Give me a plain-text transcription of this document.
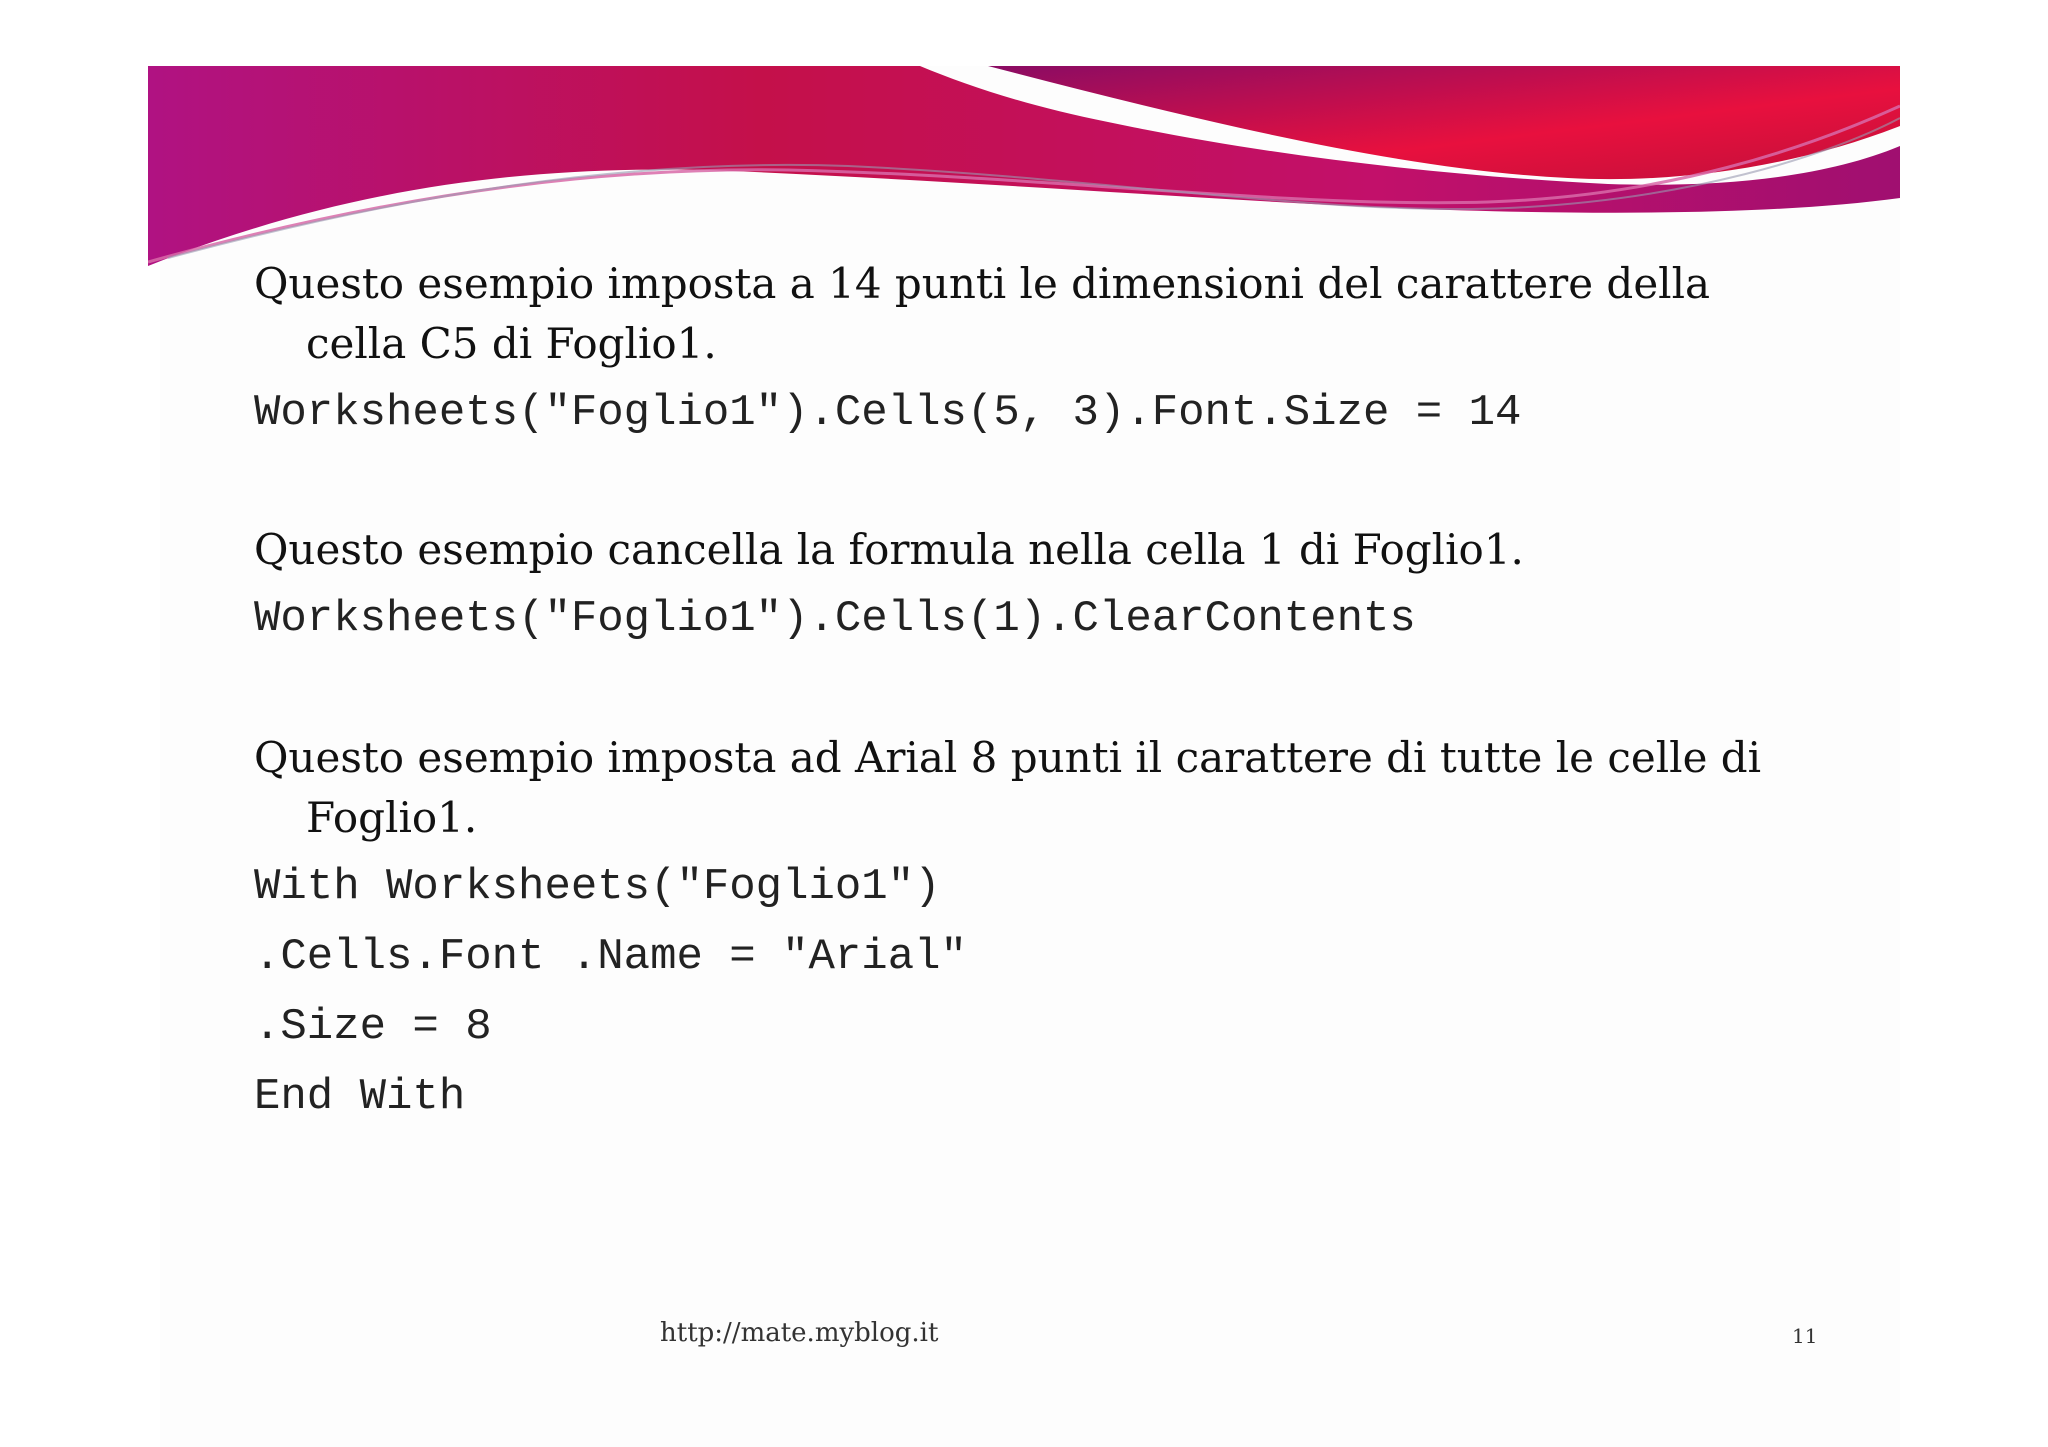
Questo esempio imposta a 14 punti le dimensioni del carattere della cella C5 di Foglio1.

Worksheets("Foglio1").Cells(5, 3).Font.Size = 14

Questo esempio cancella la formula nella cella 1 di Foglio1.

Worksheets("Foglio1").Cells(1).ClearContents

Questo esempio imposta ad Arial 8 punti il carattere di tutte le celle di Foglio1.

With Worksheets("Foglio1")

.Cells.Font .Name = "Arial"

.Size = 8

End With

http://mate.myblog.it	11
